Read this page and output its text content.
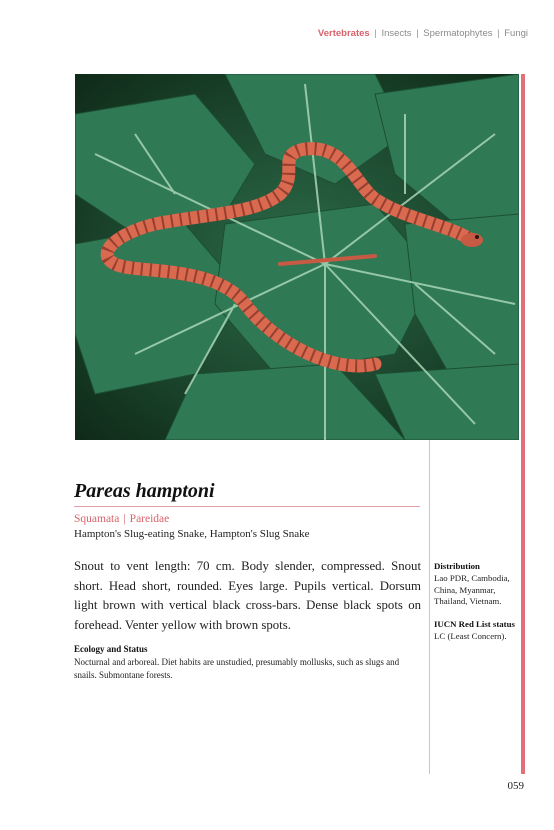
Vertebrates | Insects | Spermatophytes | Fungi
Pareas hamptoni
Squamata | Pareidae
Hampton's Slug-eating Snake, Hampton's Slug Snake
Snout to vent length: 70 cm. Body slender, compressed. Snout short. Head short, rounded. Eyes large. Pupils vertical. Dorsum light brown with vertical black cross-bars. Dense black spots on forehead. Venter yellow with brown spots.
Ecology and Status
Nocturnal and arboreal. Diet habits are unstudied, presumably mollusks, such as slugs and snails. Submontane forests.
Distribution
Lao PDR, Cambodia, China, Myanmar, Thailand, Vietnam.
IUCN Red List status
LC (Least Concern).
059
